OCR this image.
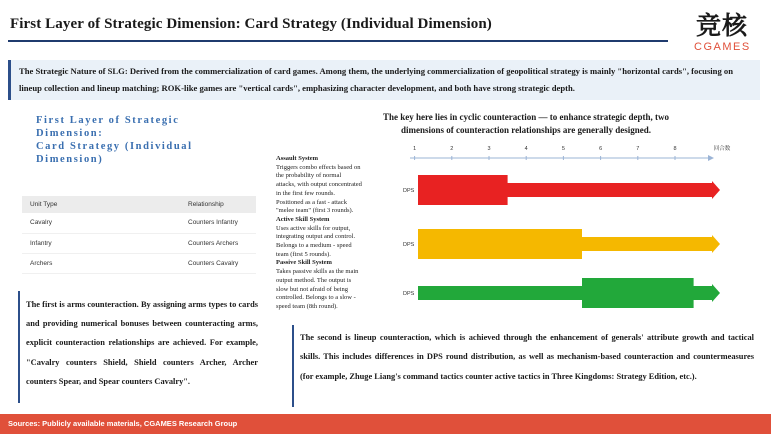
First Layer of Strategic Dimension: Card Strategy (Individual Dimension)	竞核
CGAMES
The Strategic Nature of SLG: Derived from the commercialization of card games. Among them, the underlying commercialization of geopolitical strategy is mainly "horizontal cards", focusing on lineup collection and lineup matching; ROK-like games are "vertical cards", emphasizing character development, and both have strong strategic depth.
First Layer of Strategic
Dimension:
Card Strategy (Individual
Dimension)
Unit Type	Relationship
Cavalry	Counters Infantry
Infantry	Counters Archers
Archers	Counters Cavalry
The first is arms counteraction. By assigning arms types to cards and providing numerical bonuses between counteracting arms, explicit counteraction relationships are achieved. For example, "Cavalry counters Shield, Shield counters Archer, Archer counters Spear, and Spear counters Cavalry".
The key here lies in cyclic counteraction — to enhance strategic depth, two
dimensions of counteraction relationships are generally designed.
Assault System
Triggers combo effects based on
the probability of normal
attacks, with output concentrated
in the first few rounds.
Positioned as a fast - attack
"melee team" (first 3 rounds).
Active Skill System
Uses active skills for output,
integrating output and control.
Belongs to a medium - speed
team (first 5 rounds).
Passive Skill System
Takes passive skills as the main
output method. The output is
slow but not afraid of being
controlled. Belongs to a slow -
speed team (8th round).
1	2	3	4	5	6	7	8	回合数
DPS
DPS
DPS
The second is lineup counteraction, which is achieved through the enhancement of generals' attribute growth and tactical skills. This includes differences in DPS round distribution, as well as mechanism-based counteraction and countermeasures (for example, Zhuge Liang's command tactics counter active tactics in Three Kingdoms: Strategy Edition, etc.).
Sources: Publicly available materials, CGAMES Research Group
